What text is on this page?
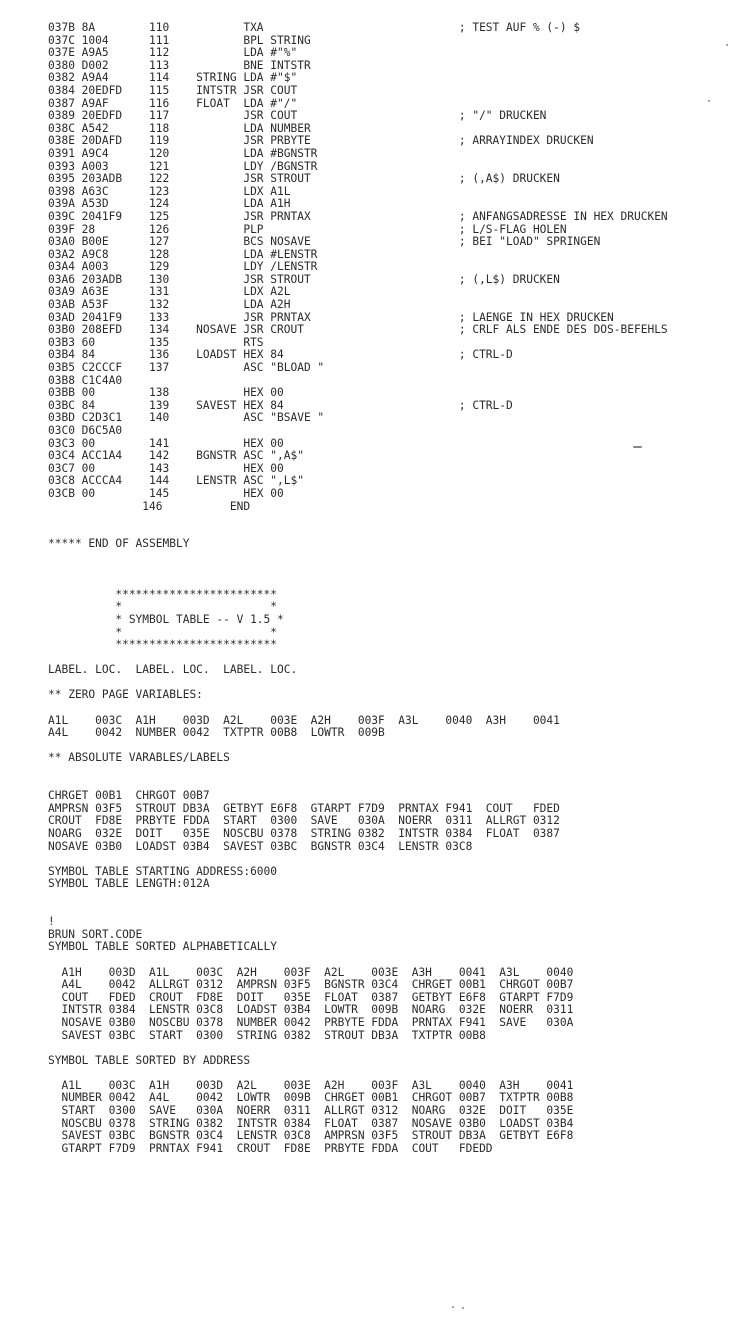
037B 8A        110           TXA                             ; TEST AUF % (-) $
037C 1004      111           BPL STRING
037E A9A5      112           LDA #"%"
0380 D002      113           BNE INTSTR
0382 A9A4      114    STRING LDA #"$"
0384 20EDFD    115    INTSTR JSR COUT
0387 A9AF      116    FLOAT  LDA #"/"
0389 20EDFD    117           JSR COUT                        ; "/" DRUCKEN
038C A542      118           LDA NUMBER
038E 20DAFD    119           JSR PRBYTE                      ; ARRAYINDEX DRUCKEN
0391 A9C4      120           LDA #BGNSTR
0393 A003      121           LDY /BGNSTR
0395 203ADB    122           JSR STROUT                      ; (,A$) DRUCKEN
0398 A63C      123           LDX A1L
039A A53D      124           LDA A1H
039C 2041F9    125           JSR PRNTAX                      ; ANFANGSADRESSE IN HEX DRUCKEN
039F 28        126           PLP                             ; L/S-FLAG HOLEN
03A0 B00E      127           BCS NOSAVE                      ; BEI "LOAD" SPRINGEN
03A2 A9C8      128           LDA #LENSTR
03A4 A003      129           LDY /LENSTR
03A6 203ADB    130           JSR STROUT                      ; (,L$) DRUCKEN
03A9 A63E      131           LDX A2L
03AB A53F      132           LDA A2H
03AD 2041F9    133           JSR PRNTAX                      ; LAENGE IN HEX DRUCKEN
03B0 208EFD    134    NOSAVE JSR CROUT                       ; CRLF ALS ENDE DES DOS-BEFEHLS
03B3 60        135           RTS
03B4 84        136    LOADST HEX 84                          ; CTRL-D
03B5 C2CCCF    137           ASC "BLOAD "
03B8 C1C4A0
03BB 00        138           HEX 00
03BC 84        139    SAVEST HEX 84                          ; CTRL-D
03BD C2D3C1    140           ASC "BSAVE "
03C0 D6C5A0
03C3 00        141           HEX 00
03C4 ACC1A4    142    BGNSTR ASC ",A$"
03C7 00        143           HEX 00
03C8 ACCCA4    144    LENSTR ASC ",L$"
03CB 00        145           HEX 00
146          END
***** END OF ASSEMBLY
************************
*                      *
* SYMBOL TABLE -- V 1.5 *
*                      *
************************
LABEL. LOC.  LABEL. LOC.  LABEL. LOC.
** ZERO PAGE VARIABLES:
A1L    003C  A1H    003D  A2L    003E  A2H    003F  A3L    0040  A3H    0041
A4L    0042  NUMBER 0042  TXTPTR 00B8  LOWTR  009B
** ABSOLUTE VARABLES/LABELS
CHRGET 00B1  CHRGOT 00B7
AMPRSN 03F5  STROUT DB3A  GETBYT E6F8  GTARPT F7D9  PRNTAX F941  COUT   FDED
CROUT  FD8E  PRBYTE FDDA  START  0300  SAVE   030A  NOERR  0311  ALLRGT 0312
NOARG  032E  DOIT   035E  NOSCBU 0378  STRING 0382  INTSTR 0384  FLOAT  0387
NOSAVE 03B0  LOADST 03B4  SAVEST 03BC  BGNSTR 03C4  LENSTR 03C8
SYMBOL TABLE STARTING ADDRESS:6000
SYMBOL TABLE LENGTH:012A
!
BRUN SORT.CODE
SYMBOL TABLE SORTED ALPHABETICALLY
A1H    003D  A1L    003C  A2H    003F  A2L    003E  A3H    0041  A3L    0040
A4L    0042  ALLRGT 0312  AMPRSN 03F5  BGNSTR 03C4  CHRGET 00B1  CHRGOT 00B7
COUT   FDED  CROUT  FD8E  DOIT   035E  FLOAT  0387  GETBYT E6F8  GTARPT F7D9
INTSTR 0384  LENSTR 03C8  LOADST 03B4  LOWTR  009B  NOARG  032E  NOERR  0311
NOSAVE 03B0  NOSCBU 0378  NUMBER 0042  PRBYTE FDDA  PRNTAX F941  SAVE   030A
SAVEST 03BC  START  0300  STRING 0382  STROUT DB3A  TXTPTR 00B8
SYMBOL TABLE SORTED BY ADDRESS
A1L    003C  A1H    003D  A2L    003E  A2H    003F  A3L    0040  A3H    0041
NUMBER 0042  A4L    0042  LOWTR  009B  CHRGET 00B1  CHRGOT 00B7  TXTPTR 00B8
START  0300  SAVE   030A  NOERR  0311  ALLRGT 0312  NOARG  032E  DOIT   035E
NOSCBU 0378  STRING 0382  INTSTR 0384  FLOAT  0387  NOSAVE 03B0  LOADST 03B4
SAVEST 03BC  BGNSTR 03C4  LENSTR 03C8  AMPRSN 03F5  STROUT DB3A  GETBYT E6F8
GTARPT F7D9  PRNTAX F941  CROUT  FD8E  PRBYTE FDDA  COUT   FDEDD
